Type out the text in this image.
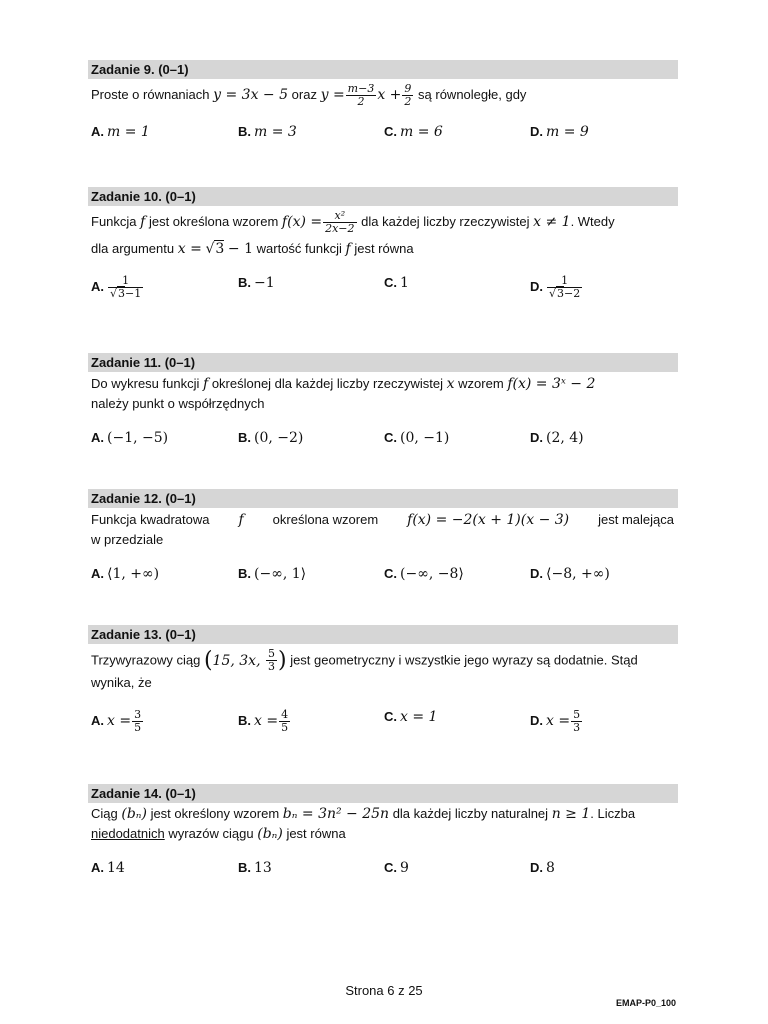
Zadanie 9. (0–1)
Proste o równaniach y = 3x − 5 oraz $y = \frac{m-3}{2}$ $x + \frac{9}{2}$ są równoległe, gdy
A. m = 1	B. m = 3	C. m = 6	D. m = 9
Zadanie 10. (0–1)
Funkcja f jest określona wzorem $f(x) = \frac{\text{x²}}{2x-2}$ dla każdej liczby rzeczywistej x ≠ 1. Wtedy
dla argumentu x = √3 − 1 wartość funkcji f jest równa
A. $\frac{1}{√3-1}$	B. −1	C. 1	D. $\frac{1}{√3-2}$
Zadanie 11. (0–1)
Do wykresu funkcji f określonej dla każdej liczby rzeczywistej x wzorem f(x) = 3ˣ − 2
należy punkt o współrzędnych
A. (−1, −5)	B. (0, −2)	C. (0, −1)	D. (2, 4)
Zadanie 12. (0–1)
Funkcja kwadratowa f określona wzorem f(x) = −2(x + 1)(x − 3) jest malejąca
w przedziale
A. ⟨1, +∞)	B. (−∞, 1⟩	C. (−∞, −8⟩	D. ⟨−8, +∞)
Zadanie 13. (0–1)
Trzywyrazowy ciąg (15, 3x, $\frac{5}{3}$ ) jest geometryczny i wszystkie jego wyrazy są dodatnie. Stąd
wynika, że
A. $x = \frac{3}{5}$	B. $x = \frac{4}{5}$	C. x = 1	D. $x = \frac{5}{3}$
Zadanie 14. (0–1)
Ciąg (bₙ) jest określony wzorem bₙ = 3n² − 25n dla każdej liczby naturalnej n ≥ 1. Liczba
niedodatnich wyrazów ciągu (bₙ) jest równa
A. 14	B. 13	C. 9	D. 8
Strona 6 z 25
EMAP-P0_100
